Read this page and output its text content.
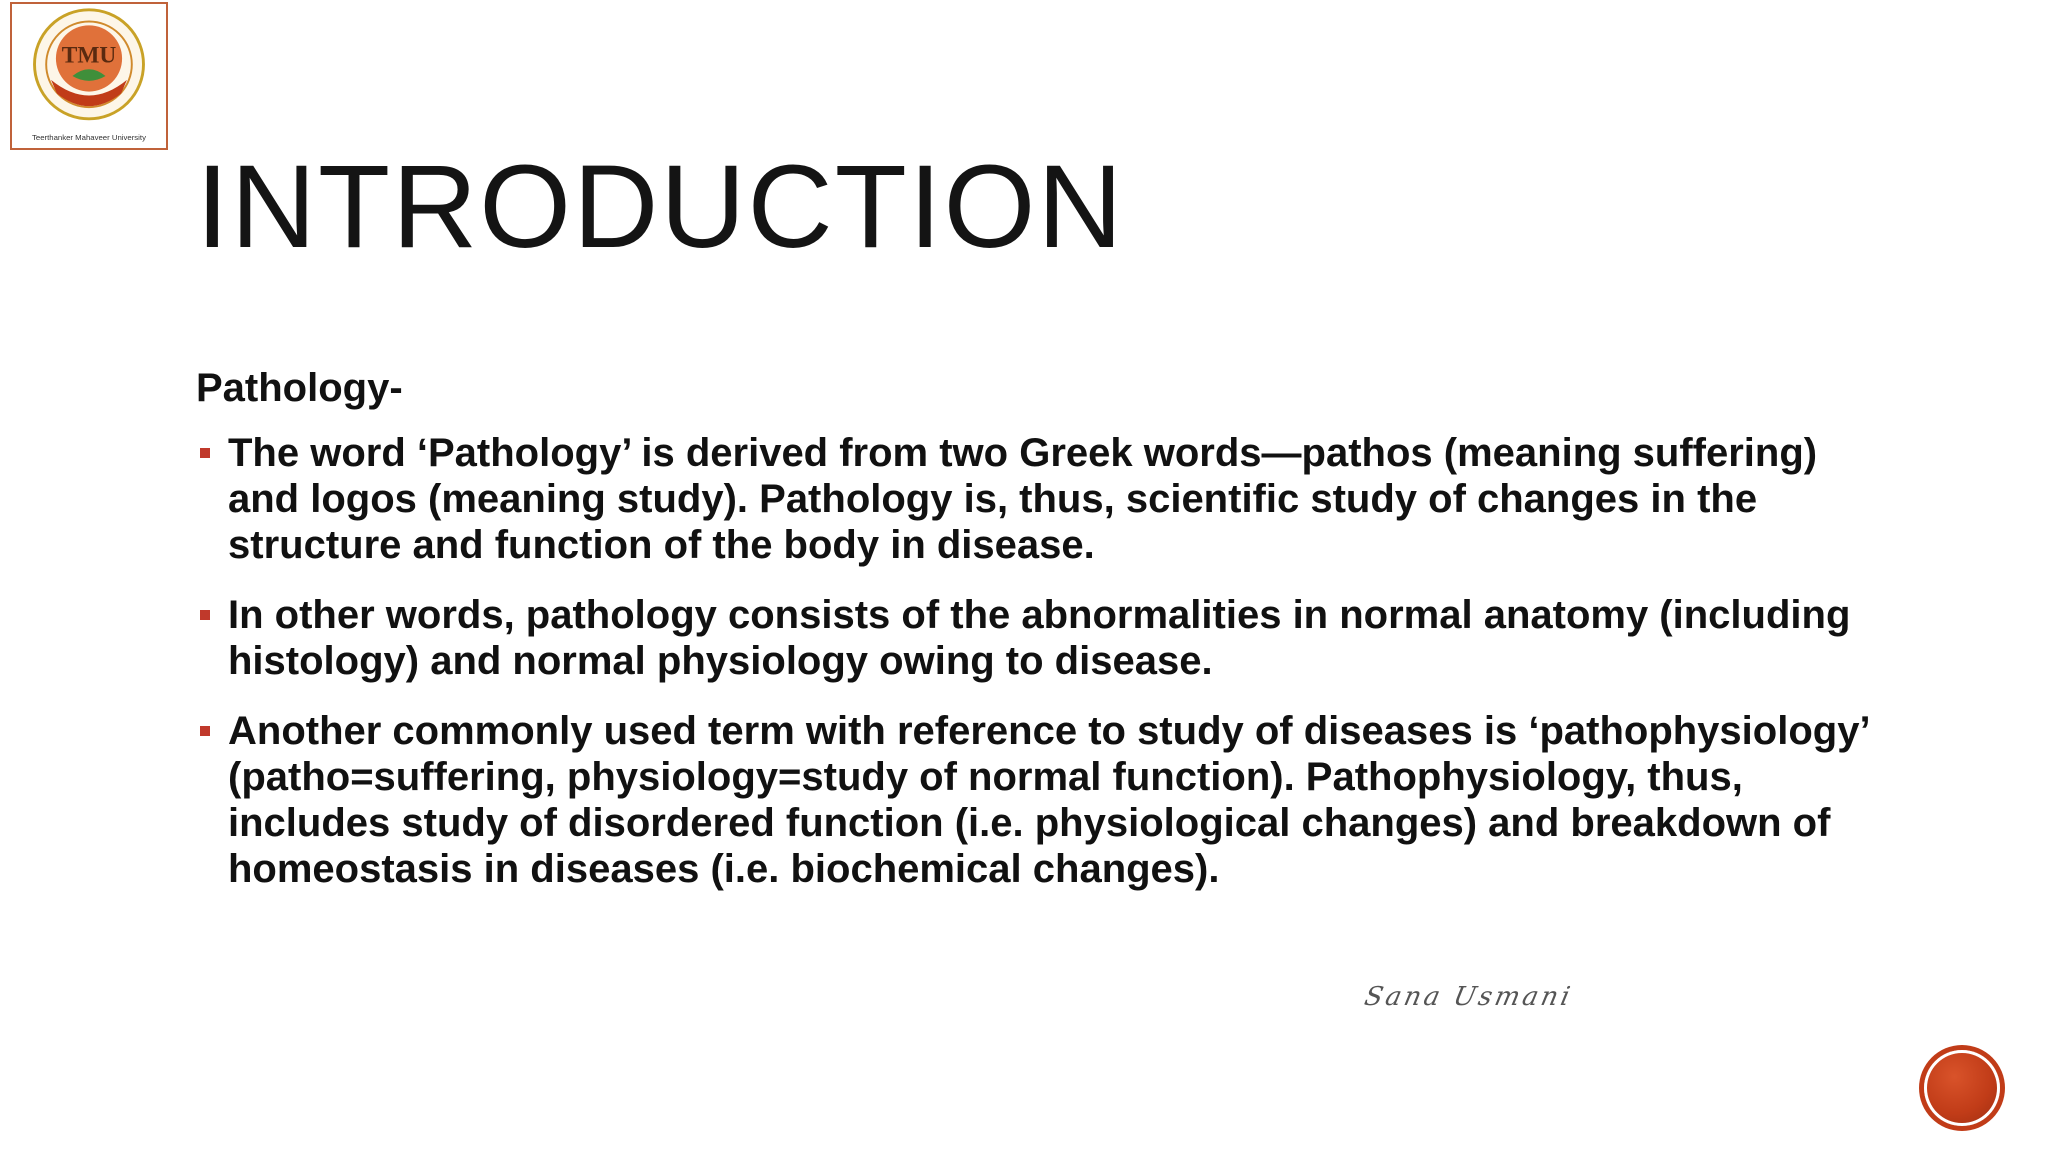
TMU
Teerthanker Mahaveer University
INTRODUCTION
Pathology-
The word ‘Pathology’ is derived from two Greek words—pathos (meaning suffering) and logos (meaning study). Pathology is, thus, scientific study of changes in the structure and function of the body in disease.
In other words, pathology consists of the abnormalities in normal anatomy (including histology) and normal physiology owing to disease.
Another commonly used term with reference to study of diseases is ‘pathophysiology’ (patho=suffering, physiology=study of normal function). Pathophysiology, thus, includes study of disordered function (i.e. physiological changes) and breakdown of homeostasis in diseases (i.e. biochemical changes).
Sana Usmani
